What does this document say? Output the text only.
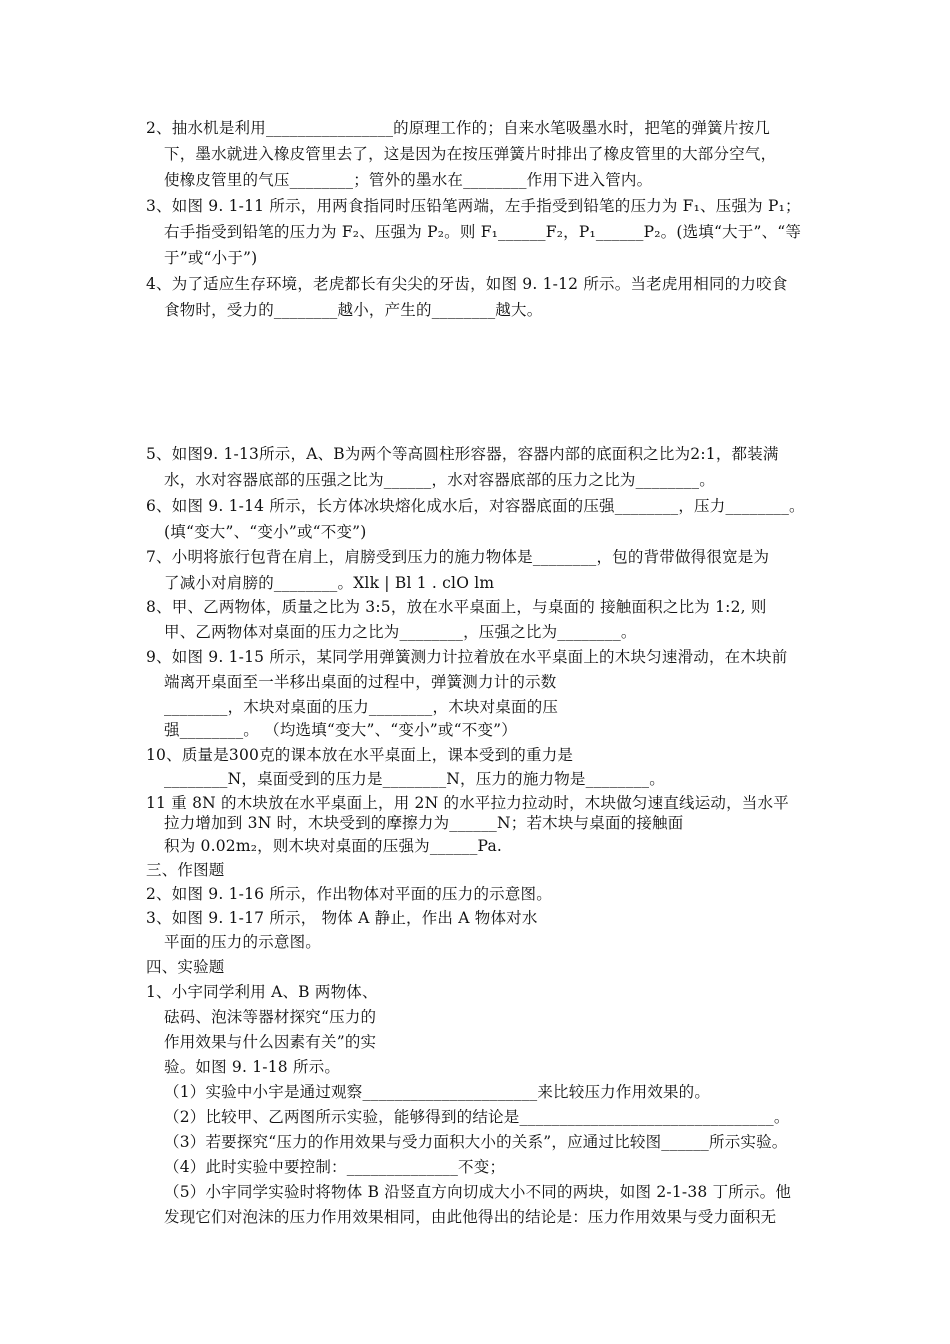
2、抽水机是利用________________的原理工作的；自来水笔吸墨水时，把笔的弹簧片按几
下，墨水就进入橡皮管里去了，这是因为在按压弹簧片时排出了橡皮管里的大部分空气，
使橡皮管里的气压________；管外的墨水在________作用下进入管内。
3、如图 9. 1-11 所示，用两食指同时压铅笔两端，左手指受到铅笔的压力为 F₁、压强为 P₁；
右手指受到铅笔的压力为 F₂、压强为 P₂。则 F₁______F₂，P₁______P₂。(选填“大于”、“等
于”或“小于”)
4、为了适应生存环境，老虎都长有尖尖的牙齿，如图 9. 1-12 所示。当老虎用相同的力咬食
食物时，受力的________越小，产生的________越大。
5、如图9. 1-13所示，A、B为两个等高圆柱形容器，容器内部的底面积之比为2:1，都装满
水，水对容器底部的压强之比为______，水对容器底部的压力之比为________。
6、如图 9. 1-14 所示，长方体冰块熔化成水后，对容器底面的压强________，压力________。
(填“变大”、“变小”或“不变”)
7、小明将旅行包背在肩上，肩膀受到压力的施力物体是________，包的背带做得很宽是为
了减小对肩膀的________。Xlk | Bl 1 . clO lm
8、甲、乙两物体，质量之比为 3:5，放在水平桌面上，与桌面的 接触面积之比为 1:2, 则
甲、乙两物体对桌面的压力之比为________，压强之比为________。
9、如图 9. 1-15 所示，某同学用弹簧测力计拉着放在水平桌面上的木块匀速滑动，在木块前
端离开桌面至一半移出桌面的过程中，弹簧测力计的示数
________，木块对桌面的压力________，木块对桌面的压
强________。 （均选填“变大”、“变小”或“不变”）
10、质量是300克的课本放在水平桌面上，课本受到的重力是
________N，桌面受到的压力是________N，压力的施力物是________。
11 重 8N 的木块放在水平桌面上，用 2N 的水平拉力拉动时，木块做匀速直线运动，当水平
拉力增加到 3N 时，木块受到的摩擦力为______N；若木块与桌面的接触面
积为 0.02m₂，则木块对桌面的压强为______Pa.
三、作图题
2、如图 9. 1-16 所示，作出物体对平面的压力的示意图。
3、如图 9. 1-17 所示， 物体 A 静止，作出 A 物体对水
平面的压力的示意图。
四、实验题
1、小宇同学利用 A、B 两物体、
砝码、泡沫等器材探究“压力的
作用效果与什么因素有关”的实
验。如图 9. 1-18 所示。
（1）实验中小宇是通过观察______________________来比较压力作用效果的。
（2）比较甲、乙两图所示实验，能够得到的结论是________________________________。
（3）若要探究“压力的作用效果与受力面积大小的关系”，应通过比较图______所示实验。
（4）此时实验中要控制：______________不变；
（5）小宇同学实验时将物体 B 沿竖直方向切成大小不同的两块，如图 2-1-38 丁所示。他
发现它们对泡沫的压力作用效果相同，由此他得出的结论是：压力作用效果与受力面积无
